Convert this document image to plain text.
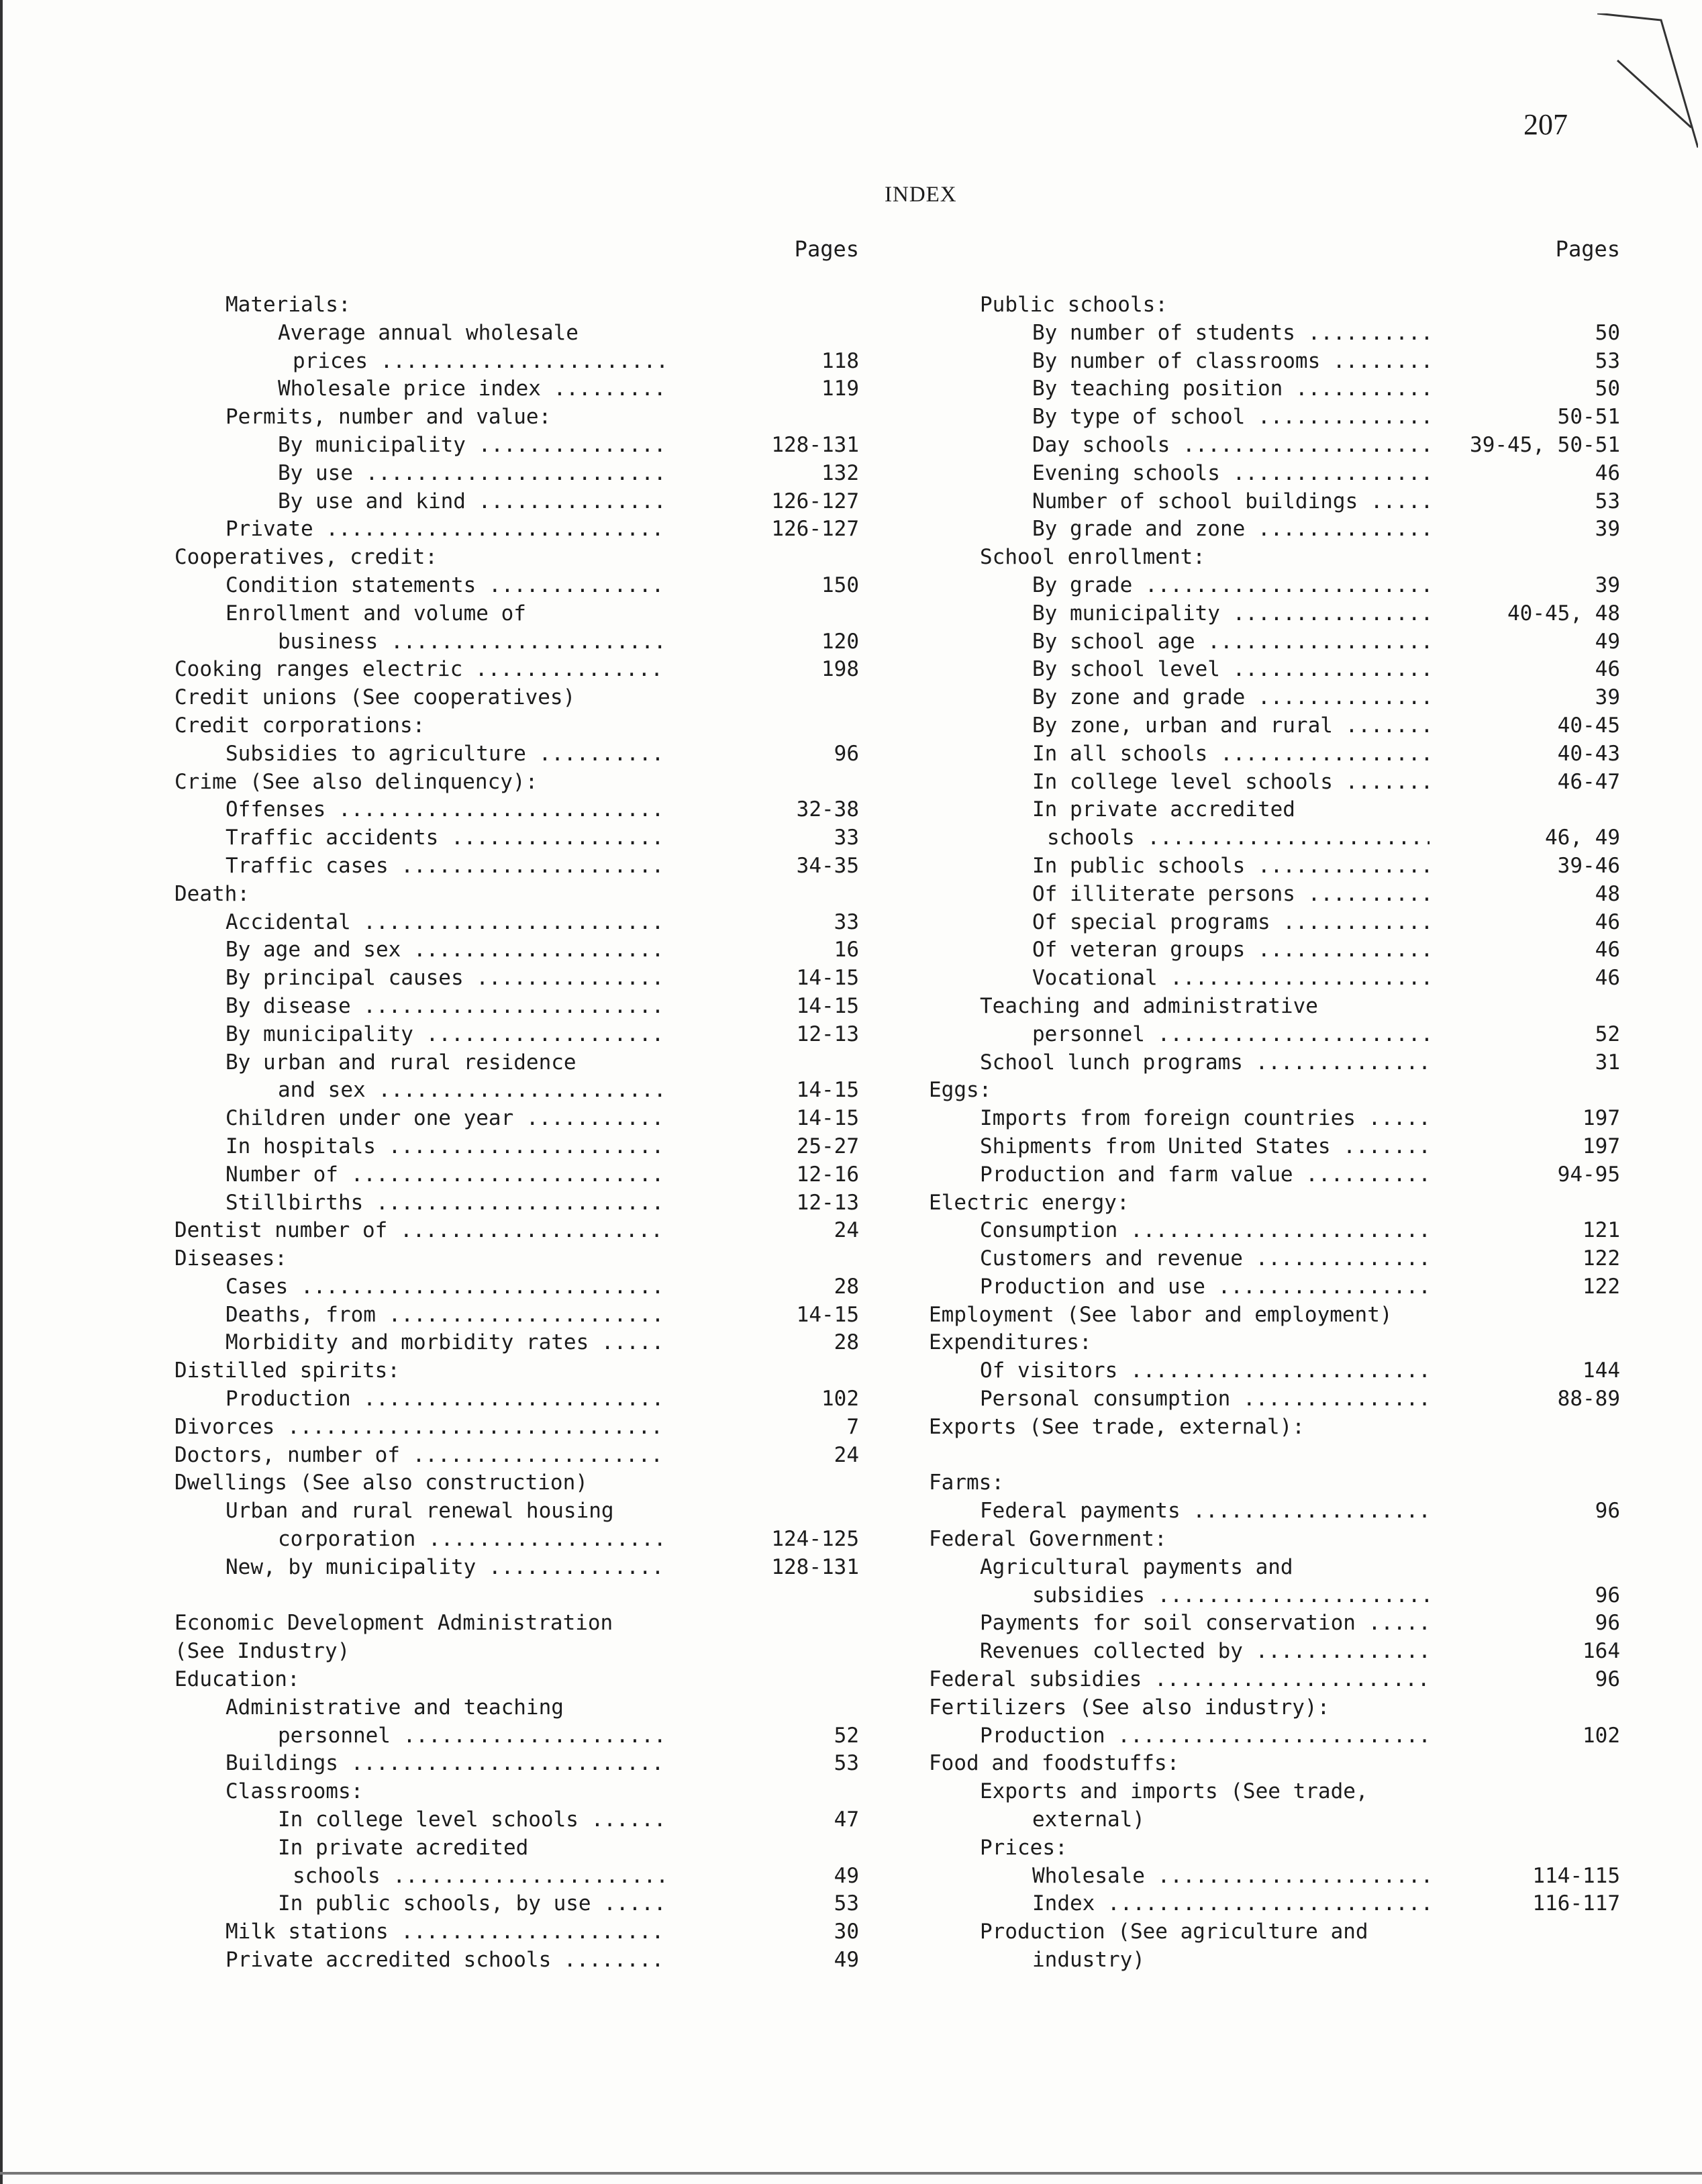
207
INDEX
Pages
Materials:
Average annual wholesale
prices .....	118
Wholesale price index .....	119
Permits, number and value:
By municipality .....	128-131
By use .....	132
By use and kind .....	126-127
Private .....	126-127
Cooperatives, credit:
Condition statements .....	150
Enrollment and volume of
business .....	120
Cooking ranges electric .....	198
Credit unions (See cooperatives)
Credit corporations:
Subsidies to agriculture .....	96
Crime (See also delinquency):
Offenses .....	32-38
Traffic accidents .....	33
Traffic cases .....	34-35
Death:
Accidental .....	33
By age and sex .....	16
By principal causes .....	14-15
By disease .....	14-15
By municipality .....	12-13
By urban and rural residence
and sex .....	14-15
Children under one year .....	14-15
In hospitals .....	25-27
Number of .....	12-16
Stillbirths .....	12-13
Dentist number of .....	24
Diseases:
Cases .....	28
Deaths, from .....	14-15
Morbidity and morbidity rates .....	28
Distilled spirits:
Production .....	102
Divorces .....	7
Doctors, number of .....	24
Dwellings (See also construction)
Urban and rural renewal housing
corporation .....	124-125
New, by municipality .....	128-131
Economic Development Administration
(See Industry)
Education:
Administrative and teaching
personnel .....	52
Buildings .....	53
Classrooms:
In college level schools .....	47
In private acredited
schools .....	49
In public schools, by use .....	53
Milk stations .....	30
Private accredited schools .....	49
Pages
Public schools:
By number of students .....	50
By number of classrooms .....	53
By teaching position .....	50
By type of school .....	50-51
Day schools .....	39-45, 50-51
Evening schools .....	46
Number of school buildings .....	53
By grade and zone .....	39
School enrollment:
By grade .....	39
By municipality .....	40-45, 48
By school age .....	49
By school level .....	46
By zone and grade .....	39
By zone, urban and rural .....	40-45
In all schools .....	40-43
In college level schools .....	46-47
In private accredited
schools .....	46, 49
In public schools .....	39-46
Of illiterate persons .....	48
Of special programs .....	46
Of veteran groups .....	46
Vocational .....	46
Teaching and administrative
personnel .....	52
School lunch programs .....	31
Eggs:
Imports from foreign countries .....	197
Shipments from United States .....	197
Production and farm value .....	94-95
Electric energy:
Consumption .....	121
Customers and revenue .....	122
Production and use .....	122
Employment (See labor and employment)
Expenditures:
Of visitors .....	144
Personal consumption .....	88-89
Exports (See trade, external):
Farms:
Federal payments .....	96
Federal Government:
Agricultural payments and
subsidies .....	96
Payments for soil conservation .....	96
Revenues collected by .....	164
Federal subsidies .....	96
Fertilizers (See also industry):
Production .....	102
Food and foodstuffs:
Exports and imports (See trade,
external)
Prices:
Wholesale .....	114-115
Index .....	116-117
Production (See agriculture and
industry)
